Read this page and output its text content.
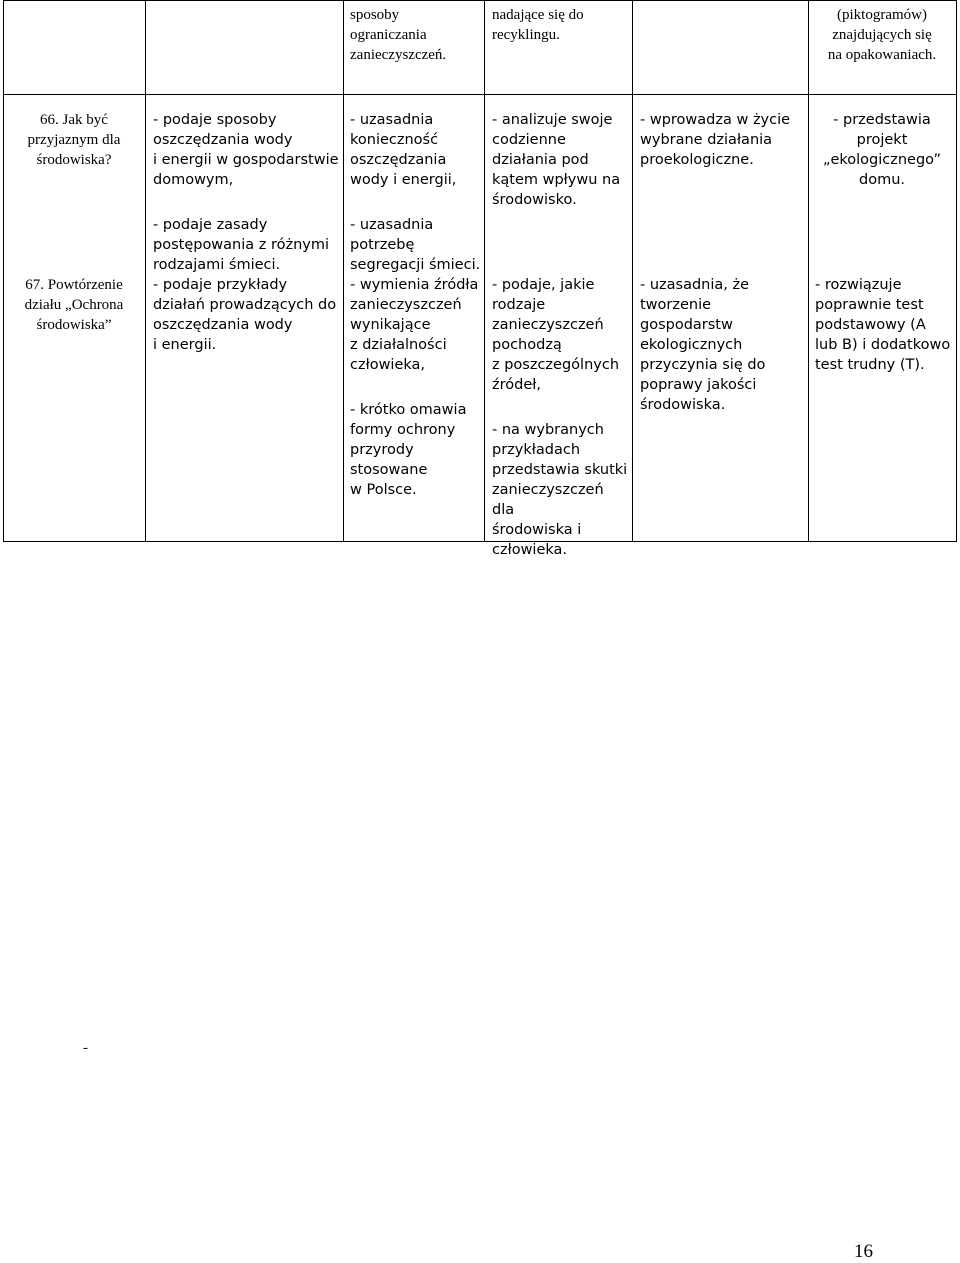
sposoby
ograniczania
zanieczyszczeń.
nadające się do
recyklingu.
(piktogramów)
znajdujących się
na opakowaniach.
66. Jak być
przyjaznym dla
środowiska?
- podaje sposoby
oszczędzania wody
i energii w gospodarstwie
domowym,
- podaje zasady
postępowania z różnymi
rodzajami śmieci.
- uzasadnia
konieczność
oszczędzania
wody i energii,
- uzasadnia
potrzebę
segregacji śmieci.
- analizuje swoje
codzienne
działania pod
kątem wpływu na
środowisko.
- wprowadza w życie
wybrane działania
proekologiczne.
- przedstawia
projekt
„ekologicznego”
domu.
67. Powtórzenie
działu „Ochrona
środowiska”
- podaje przykłady
działań prowadzących do
oszczędzania wody
i energii.
- wymienia źródła
zanieczyszczeń
wynikające
z działalności
człowieka,
- krótko omawia
formy ochrony
przyrody
stosowane
w Polsce.
- podaje, jakie
rodzaje
zanieczyszczeń
pochodzą
z poszczególnych
źródeł,
- na wybranych
przykładach
przedstawia skutki
zanieczyszczeń dla
środowiska i
człowieka.
- uzasadnia, że
tworzenie
gospodarstw
ekologicznych
przyczynia się do
poprawy jakości
środowiska.
- rozwiązuje
poprawnie test
podstawowy (A
lub B) i dodatkowo
test trudny (T).
-
16
